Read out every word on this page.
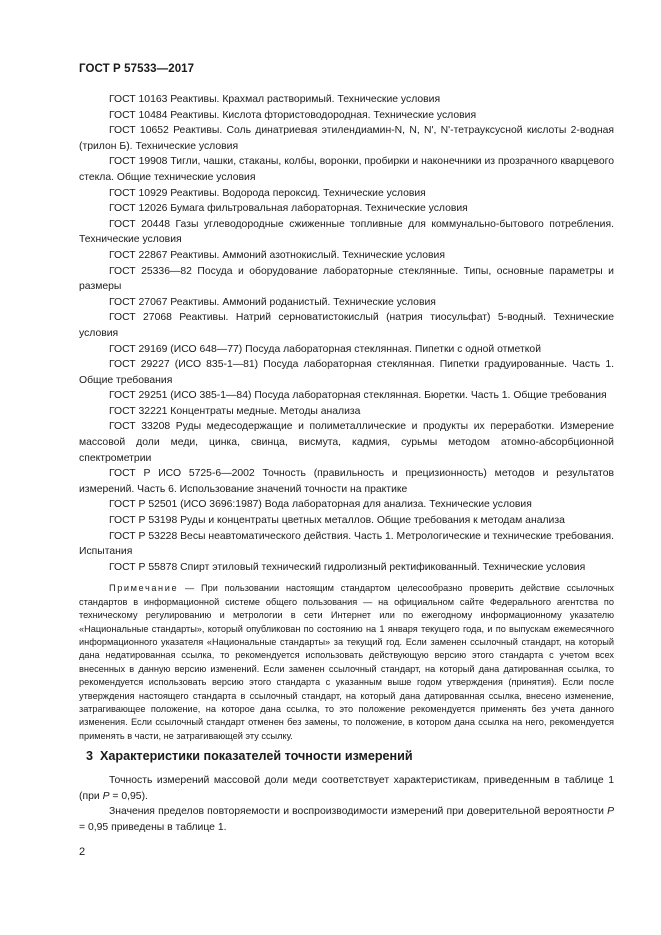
ГОСТ Р 57533—2017
ГОСТ 10163 Реактивы. Крахмал растворимый. Технические условия
ГОСТ 10484 Реактивы. Кислота фтористоводородная. Технические условия
ГОСТ 10652 Реактивы. Соль динатриевая этилендиамин-N, N, N', N'-тетрауксусной кислоты 2-водная (трилон Б). Технические условия
ГОСТ 19908 Тигли, чашки, стаканы, колбы, воронки, пробирки и наконечники из прозрачного кварцевого стекла. Общие технические условия
ГОСТ 10929 Реактивы. Водорода пероксид. Технические условия
ГОСТ 12026 Бумага фильтровальная лабораторная. Технические условия
ГОСТ 20448 Газы углеводородные сжиженные топливные для коммунально-бытового потребления. Технические условия
ГОСТ 22867 Реактивы. Аммоний азотнокислый. Технические условия
ГОСТ 25336—82 Посуда и оборудование лабораторные стеклянные. Типы, основные параметры и размеры
ГОСТ 27067 Реактивы. Аммоний роданистый. Технические условия
ГОСТ 27068 Реактивы. Натрий серноватистокислый (натрия тиосульфат) 5-водный. Технические условия
ГОСТ 29169 (ИСО 648—77) Посуда лабораторная стеклянная. Пипетки с одной отметкой
ГОСТ 29227 (ИСО 835-1—81) Посуда лабораторная стеклянная. Пипетки градуированные. Часть 1. Общие требования
ГОСТ 29251 (ИСО 385-1—84) Посуда лабораторная стеклянная. Бюретки. Часть 1. Общие требования
ГОСТ 32221 Концентраты медные. Методы анализа
ГОСТ 33208 Руды медесодержащие и полиметаллические и продукты их переработки. Измерение массовой доли меди, цинка, свинца, висмута, кадмия, сурьмы методом атомно-абсорбционной спектрометрии
ГОСТ Р ИСО 5725-6—2002 Точность (правильность и прецизионность) методов и результатов измерений. Часть 6. Использование значений точности на практике
ГОСТ Р 52501 (ИСО 3696:1987) Вода лабораторная для анализа. Технические условия
ГОСТ Р 53198 Руды и концентраты цветных металлов. Общие требования к методам анализа
ГОСТ Р 53228 Весы неавтоматического действия. Часть 1. Метрологические и технические требования. Испытания
ГОСТ Р 55878 Спирт этиловый технический гидролизный ректификованный. Технические условия
Примечание — При пользовании настоящим стандартом целесообразно проверить действие ссылочных стандартов в информационной системе общего пользования — на официальном сайте Федерального агентства по техническому регулированию и метрологии в сети Интернет или по ежегодному информационному указателю «Национальные стандарты», который опубликован по состоянию на 1 января текущего года, и по выпускам ежемесячного информационного указателя «Национальные стандарты» за текущий год. Если заменен ссылочный стандарт, на который дана недатированная ссылка, то рекомендуется использовать действующую версию этого стандарта с учетом всех внесенных в данную версию изменений. Если заменен ссылочный стандарт, на который дана датированная ссылка, то рекомендуется использовать версию этого стандарта с указанным выше годом утверждения (принятия). Если после утверждения настоящего стандарта в ссылочный стандарт, на который дана датированная ссылка, внесено изменение, затрагивающее положение, на которое дана ссылка, то это положение рекомендуется применять без учета данного изменения. Если ссылочный стандарт отменен без замены, то положение, в котором дана ссылка на него, рекомендуется применять в части, не затрагивающей эту ссылку.
3 Характеристики показателей точности измерений
Точность измерений массовой доли меди соответствует характеристикам, приведенным в таблице 1 (при P = 0,95).
Значения пределов повторяемости и воспроизводимости измерений при доверительной вероятности P = 0,95 приведены в таблице 1.
2
